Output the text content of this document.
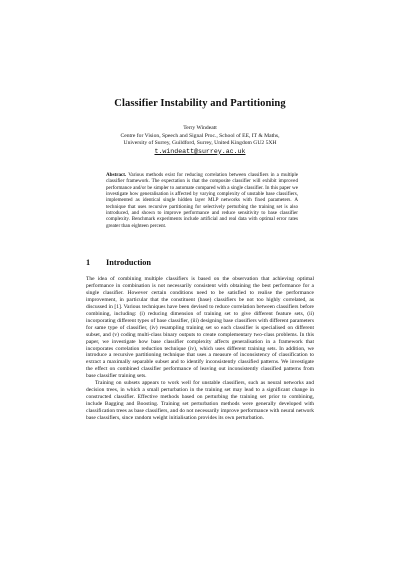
Classifier Instability and Partitioning
Terry Windeatt
Centre for Vision, Speech and Signal Proc., School of EE, IT & Maths,
University of Surrey, Guildford, Surrey, United Kingdom GU2 5XH
t.windeatt@surrey.ac.uk
Abstract. Various methods exist for reducing correlation between classifiers in a multiple classifier framework. The expectation is that the composite classifier will exhibit improved performance and/or be simpler to automate compared with a single classifier. In this paper we investigate how generalisation is affected by varying complexity of unstable base classifiers, implemented as identical single hidden layer MLP networks with fixed parameters. A technique that uses recursive partitioning for selectively perturbing the training set is also introduced, and shown to improve performance and reduce sensitivity to base classifier complexity. Benchmark experiments include artificial and real data with optimal error rates greater than eighteen percent.
1 Introduction

The idea of combining multiple classifiers is based on the observation that achieving optimal performance in combination is not necessarily consistent with obtaining the best performance for a single classifier. However certain conditions need to be satisfied to realise the performance improvement, in particular that the constituent (base) classifiers be not too highly correlated, as discussed in [1]. Various techniques have been devised to reduce correlation between classifiers before combining, including: (i) reducing dimension of training set to give different feature sets, (ii) incorporating different types of base classifier, (iii) designing base classifiers with different parameters for same type of classifier, (iv) resampling training set so each classifier is specialised on different subset, and (v) coding multi-class binary outputs to create complementary two-class problems. In this paper, we investigate how base classifier complexity affects generalisation in a framework that incorporates correlation reduction technique (iv), which uses different training sets. In addition, we introduce a recursive partitioning technique that uses a measure of inconsistency of classification to extract a maximally separable subset and to identify inconsistently classified patterns. We investigate the effect on combined classifier performance of leaving out inconsistently classified patterns from base classifier training sets.

Training on subsets appears to work well for unstable classifiers, such as neural networks and decision trees, in which a small perturbation in the training set may lead to a significant change in constructed classifier. Effective methods based on perturbing the training set prior to combining, include Bagging and Boosting. Training set perturbation methods were generally developed with classification trees as base classifiers, and do not necessarily improve performance with neural network base classifiers, since random weight initialisation provides its own perturbation.
